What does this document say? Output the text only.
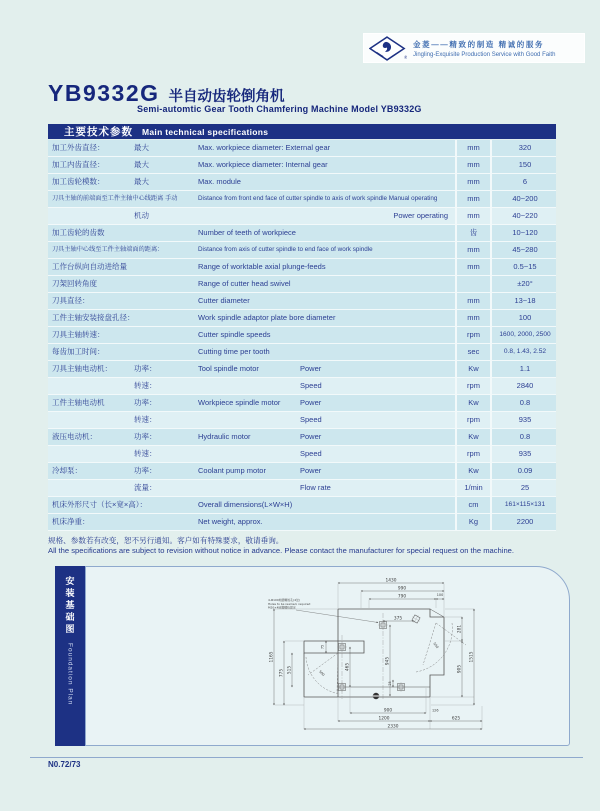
®
金菱——精致的制造 精诚的服务
Jingling-Exquisite Production Service with Good Faith
YB9332G 半自动齿轮倒角机
Semi-automtic Gear Tooth Chamfering Machine Model YB9332G
主要技术参数 Main technical specifications
加工外齿直径：	最大	Max. workpiece diameter: External gear	mm	320
加工内齿直径：	最大	Max. workpiece diameter: Internal gear	mm	150
加工齿轮模数：	最大	Max. module	mm	6
刀具主轴的前端面至工件主轴中心线距离 手动	Distance from front end face of cutter spindle to axis of work spindle Manual operating	mm	40~200
机动	Power operating	mm	40~220
加工齿轮的齿数	Number of teeth of workpiece	齿	10~120
刀具主轴中心线至工件主轴端面的距离：	Distance from axis of cutter spindle to end face of work spindle	mm	45~280
工作台纵向自动进给量	Range of worktable axial plunge-feeds	mm	0.5~15
刀架回转角度	Range of cutter head swivel	±20°
刀具直径：	Cutter diameter	mm	13~18
工件主轴安装接盘孔径：	Work spindle adaptor plate bore diameter	mm	100
刀具主轴转速：	Cutter spindle speeds	rpm	1600, 2000, 2500
每齿加工时间：	Cutting time per tooth	sec	0.8, 1.43, 2.52
刀具主轴电动机：	功率：	Tool spindle motor	Power	Kw	1.1
转速：	Speed	rpm	2840
工件主轴电动机	功率：	Workpiece spindle motor	Power	Kw	0.8
转速：	Speed	rpm	935
液压电动机：	功率：	Hydraulic motor	Power	Kw	0.8
转速：	Speed	rpm	935
冷却泵：	功率：	Coolant pump motor	Power	Kw	0.09
流量：	Flow rate	1/min	25
机床外形尺寸（长×宽×高）：	Overall dimensions(L×W×H)	cm	161×115×131
机床净重：	Net weight, approx.	Kg	2200
规格、参数若有改变，恕不另行通知。客户如有特殊要求，敬请垂询。
All the specifications are subject to revision without notice in advance. Please contact the manufacturer for special request on the machine.
安装基础图
Foundation Plan	500
500
4-Φ100地脚螺栓孔(4处)
Holes to be reamed, required
M20×4地脚螺栓固定
1430
990
790	100
1165
775 515
75
281
905
1515
375
945
465
25
900	126
1200	625
2330
N0.72/73
